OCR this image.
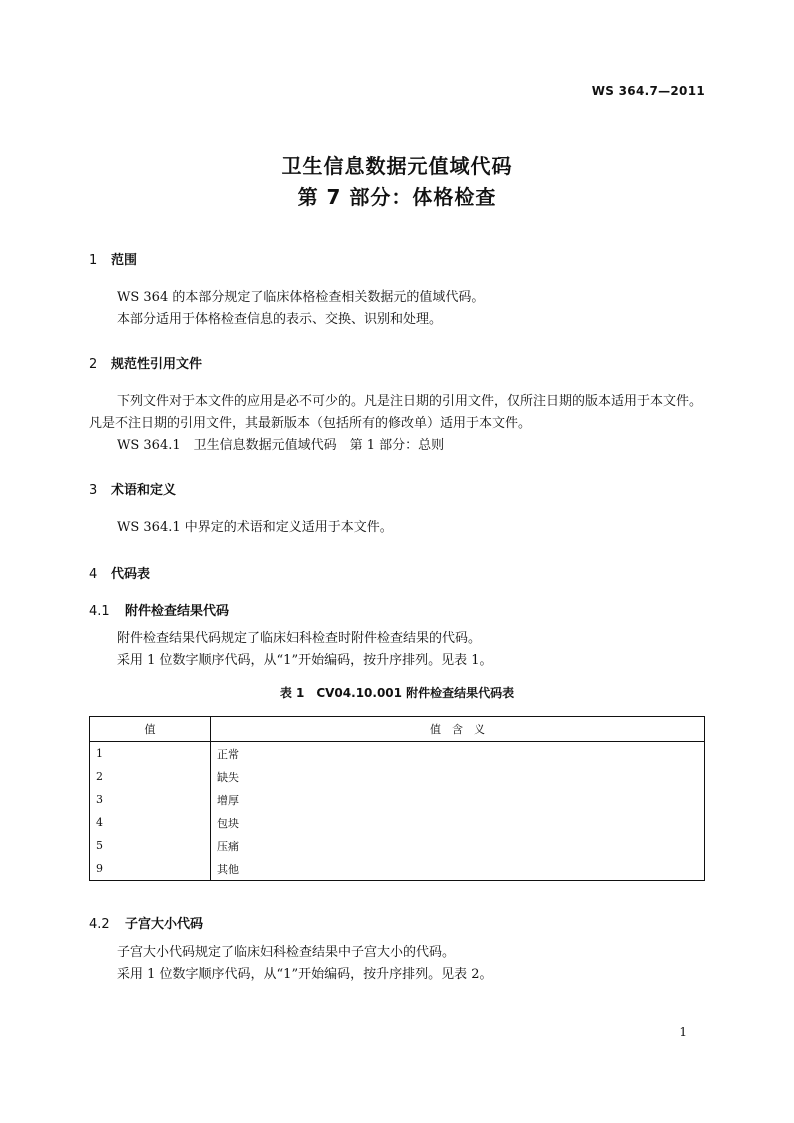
WS 364.7—2011
卫生信息数据元值域代码
第 7 部分：体格检查
1 范围

WS 364 的本部分规定了临床体格检查相关数据元的值域代码。

本部分适用于体格检查信息的表示、交换、识别和处理。

2 规范性引用文件

下列文件对于本文件的应用是必不可少的。凡是注日期的引用文件，仅所注日期的版本适用于本文件。凡是不注日期的引用文件，其最新版本（包括所有的修改单）适用于本文件。

WS 364.1　卫生信息数据元值域代码　第 1 部分：总则

3 术语和定义

WS 364.1 中界定的术语和定义适用于本文件。

4 代码表
4.1 附件检查结果代码

附件检查结果代码规定了临床妇科检查时附件检查结果的代码。

采用 1 位数字顺序代码，从“1”开始编码，按升序排列。见表 1。

表 1　CV04.10.001 附件检查结果代码表
值	值　含　义
1	正常
2	缺失
3	增厚
4	包块
5	压痛
9	其他
4.2 子宫大小代码

子宫大小代码规定了临床妇科检查结果中子宫大小的代码。

采用 1 位数字顺序代码，从“1”开始编码，按升序排列。见表 2。

1
